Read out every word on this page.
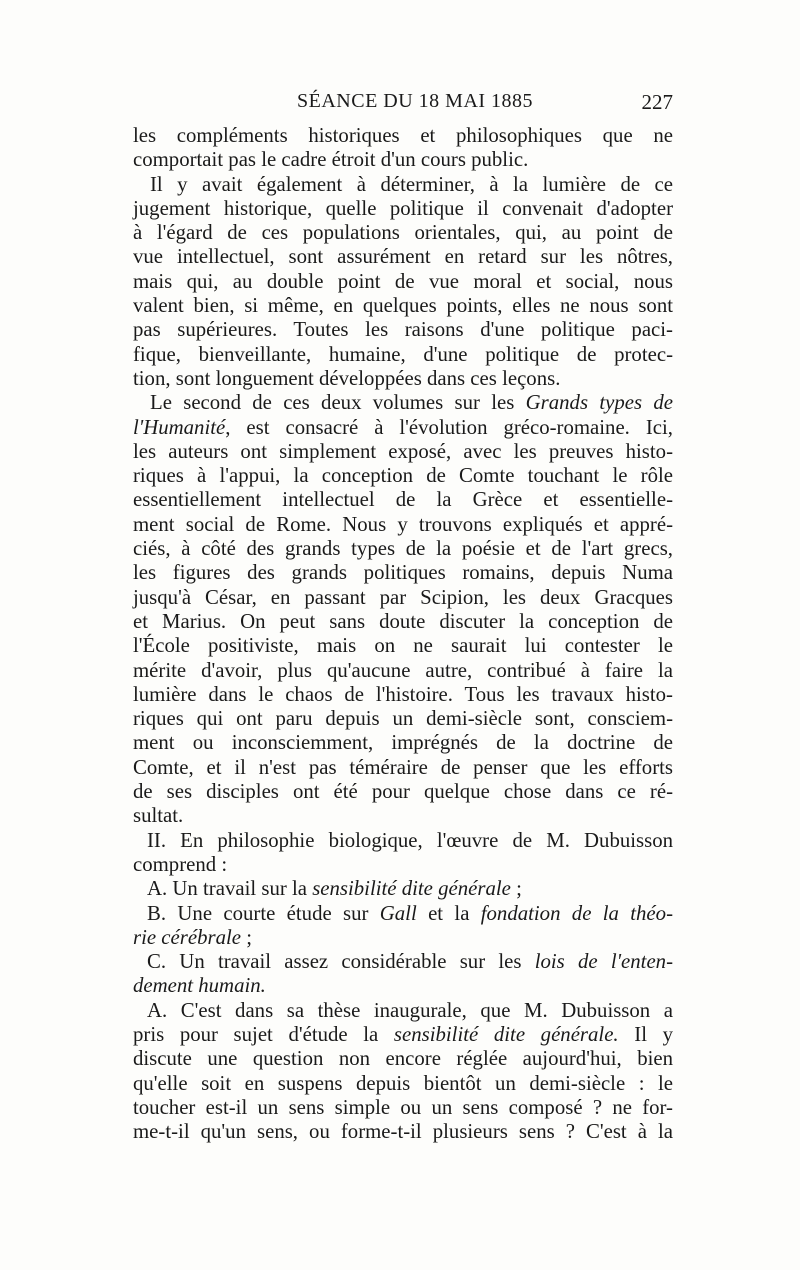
SÉANCE DU 18 MAI 1885	227
les compléments historiques et philosophiques que ne
comportait pas le cadre étroit d'un cours public.
Il y avait également à déterminer, à la lumière de ce
jugement historique, quelle politique il convenait d'adopter
à l'égard de ces populations orientales, qui, au point de
vue intellectuel, sont assurément en retard sur les nôtres,
mais qui, au double point de vue moral et social, nous
valent bien, si même, en quelques points, elles ne nous sont
pas supérieures. Toutes les raisons d'une politique paci-
fique, bienveillante, humaine, d'une politique de protec-
tion, sont longuement développées dans ces leçons.
Le second de ces deux volumes sur les Grands types de
l'Humanité, est consacré à l'évolution gréco-romaine. Ici,
les auteurs ont simplement exposé, avec les preuves histo-
riques à l'appui, la conception de Comte touchant le rôle
essentiellement intellectuel de la Grèce et essentielle-
ment social de Rome. Nous y trouvons expliqués et appré-
ciés, à côté des grands types de la poésie et de l'art grecs,
les figures des grands politiques romains, depuis Numa
jusqu'à César, en passant par Scipion, les deux Gracques
et Marius. On peut sans doute discuter la conception de
l'École positiviste, mais on ne saurait lui contester le
mérite d'avoir, plus qu'aucune autre, contribué à faire la
lumière dans le chaos de l'histoire. Tous les travaux histo-
riques qui ont paru depuis un demi-siècle sont, consciem-
ment ou inconsciemment, imprégnés de la doctrine de
Comte, et il n'est pas téméraire de penser que les efforts
de ses disciples ont été pour quelque chose dans ce ré-
sultat.
II. En philosophie biologique, l'œuvre de M. Dubuisson
comprend :
A. Un travail sur la sensibilité dite générale ;
B. Une courte étude sur Gall et la fondation de la théo-
rie cérébrale ;
C. Un travail assez considérable sur les lois de l'enten-
dement humain.
A. C'est dans sa thèse inaugurale, que M. Dubuisson a
pris pour sujet d'étude la sensibilité dite générale. Il y
discute une question non encore réglée aujourd'hui, bien
qu'elle soit en suspens depuis bientôt un demi-siècle : le
toucher est-il un sens simple ou un sens composé ? ne for-
me-t-il qu'un sens, ou forme-t-il plusieurs sens ? C'est à la
